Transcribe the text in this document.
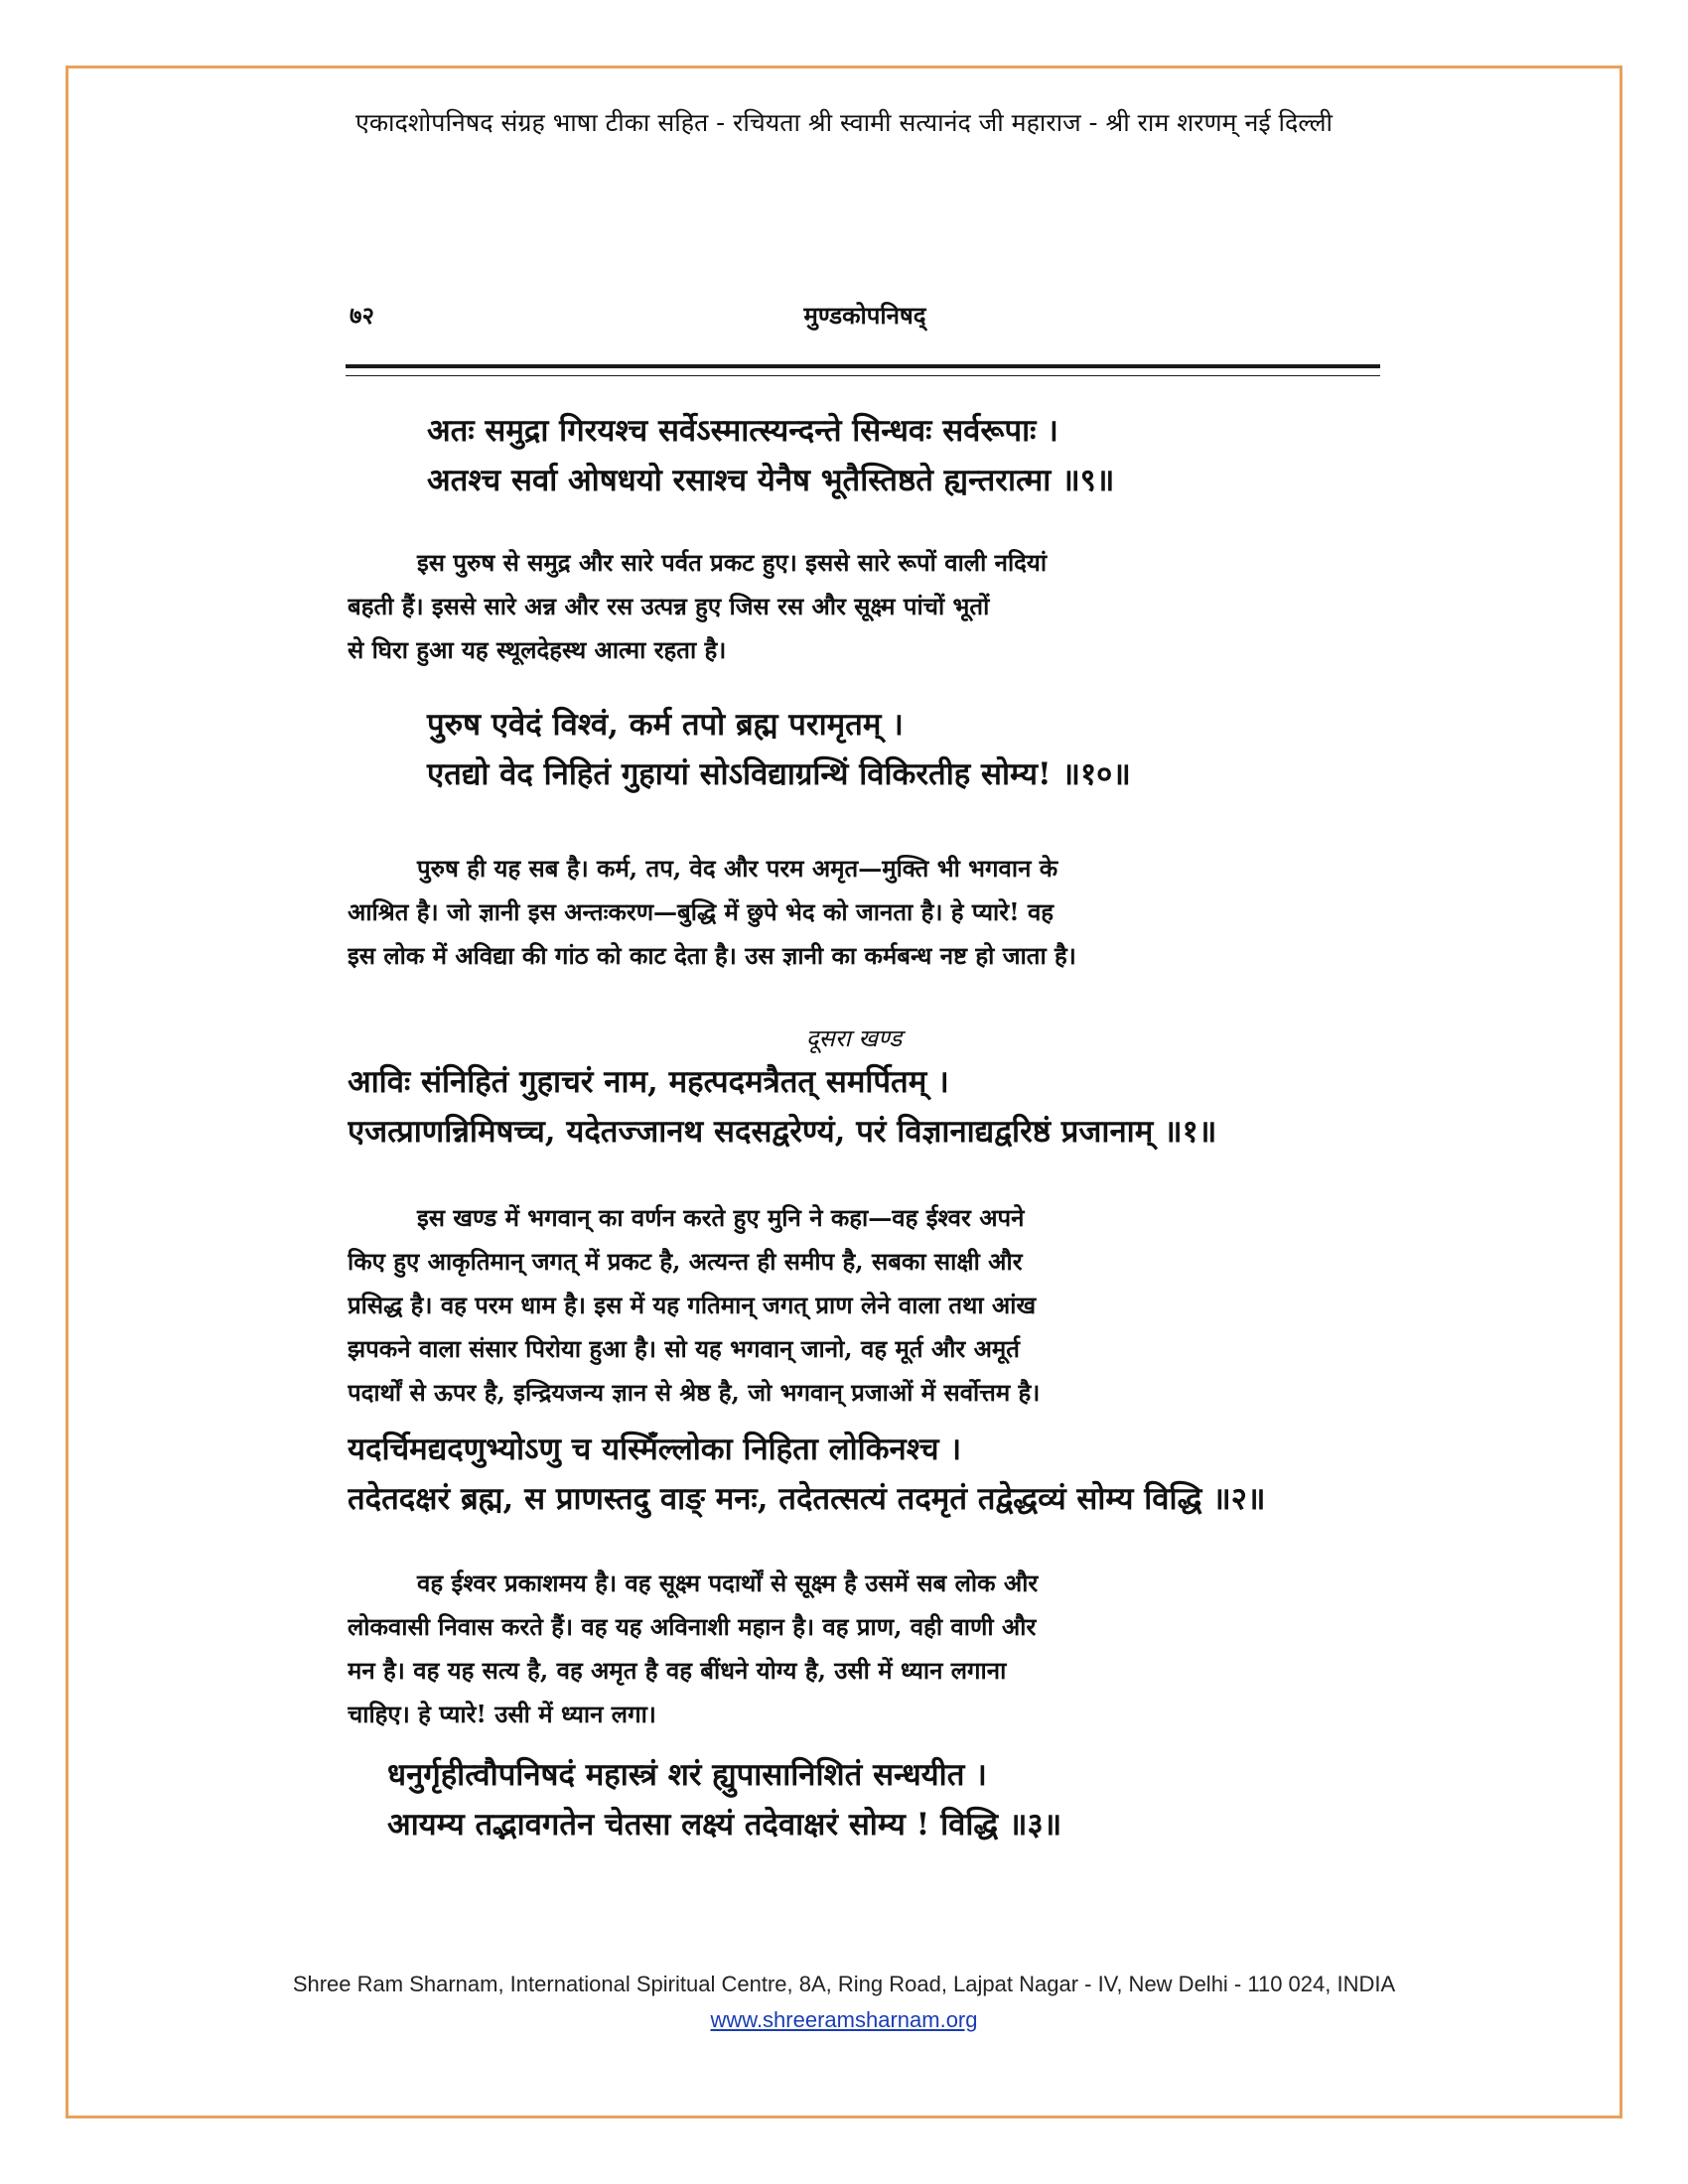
एकादशोपनिषद संग्रह भाषा टीका सहित - रचियता श्री स्वामी सत्यानंद जी महाराज - श्री राम शरणम् नई दिल्ली
७२	मुण्डकोपनिषद्
अतः समुद्रा गिरयश्च सर्वेऽस्मात्स्यन्दन्ते सिन्धवः सर्वरूपाः ।
अतश्च सर्वा ओषधयो रसाश्च येनैष भूतैस्तिष्ठते ह्यन्तरात्मा ॥९॥
इस पुरुष से समुद्र और सारे पर्वत प्रकट हुए। इससे सारे रूपों वाली नदियां
बहती हैं। इससे सारे अन्न और रस उत्पन्न हुए जिस रस और सूक्ष्म पांचों भूतों
से घिरा हुआ यह स्थूलदेहस्थ आत्मा रहता है।
पुरुष एवेदं विश्वं, कर्म तपो ब्रह्म परामृतम् ।
एतद्यो वेद निहितं गुहायां सोऽविद्याग्रन्थिं विकिरतीह सोम्य! ॥१०॥
पुरुष ही यह सब है। कर्म, तप, वेद और परम अमृत—मुक्ति भी भगवान के
आश्रित है। जो ज्ञानी इस अन्तःकरण—बुद्धि में छुपे भेद को जानता है। हे प्यारे! वह
इस लोक में अविद्या की गांठ को काट देता है। उस ज्ञानी का कर्मबन्ध नष्ट हो जाता है।
दूसरा खण्ड
आविः संनिहितं गुहाचरं नाम, महत्पदमत्रैतत् समर्पितम् ।
एजत्प्राणन्निमिषच्च, यदेतज्जानथ सदसद्वरेण्यं, परं विज्ञानाद्यद्वरिष्ठं प्रजानाम् ॥१॥
इस खण्ड में भगवान् का वर्णन करते हुए मुनि ने कहा—वह ईश्वर अपने
किए हुए आकृतिमान् जगत् में प्रकट है, अत्यन्त ही समीप है, सबका साक्षी और
प्रसिद्ध है। वह परम धाम है। इस में यह गतिमान् जगत् प्राण लेने वाला तथा आंख
झपकने वाला संसार पिरोया हुआ है। सो यह भगवान् जानो, वह मूर्त और अमूर्त
पदार्थों से ऊपर है, इन्द्रियजन्य ज्ञान से श्रेष्ठ है, जो भगवान् प्रजाओं में सर्वोत्तम है।
यदर्चिमद्यदणुभ्योऽणु च यस्मिँल्लोका निहिता लोकिनश्च ।
तदेतदक्षरं ब्रह्म, स प्राणस्तदु वाङ् मनः, तदेतत्सत्यं तदमृतं तद्वेद्धव्यं सोम्य विद्धि ॥२॥
वह ईश्वर प्रकाशमय है। वह सूक्ष्म पदार्थों से सूक्ष्म है उसमें सब लोक और
लोकवासी निवास करते हैं। वह यह अविनाशी महान है। वह प्राण, वही वाणी और
मन है। वह यह सत्य है, वह अमृत है वह बींधने योग्य है, उसी में ध्यान लगाना
चाहिए। हे प्यारे! उसी में ध्यान लगा।
धनुर्गृहीत्वौपनिषदं महास्त्रं शरं ह्युपासानिशितं सन्धयीत ।
आयम्य तद्भावगतेन चेतसा लक्ष्यं तदेवाक्षरं सोम्य ! विद्धि ॥३॥
Shree Ram Sharnam, International Spiritual Centre, 8A, Ring Road, Lajpat Nagar - IV, New Delhi - 110 024, INDIA
www.shreeramsharnam.org
